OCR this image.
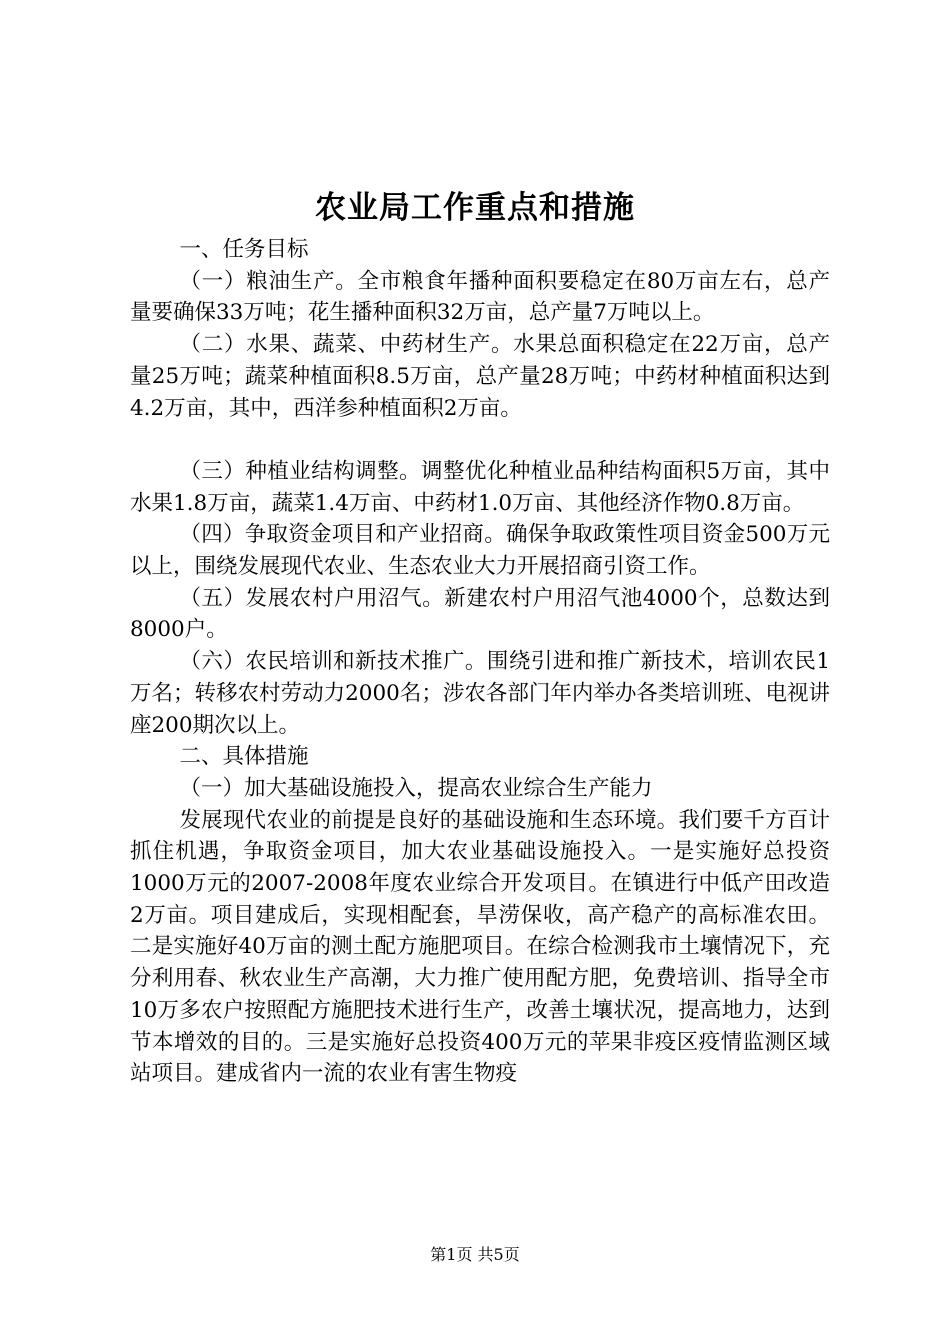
农业局工作重点和措施

一、任务目标

（一）粮油生产。全市粮食年播种面积要稳定在80万亩左右，总产量要确保33万吨；花生播种面积32万亩，总产量7万吨以上。

（二）水果、蔬菜、中药材生产。水果总面积稳定在22万亩，总产量25万吨；蔬菜种植面积8.5万亩，总产量28万吨；中药材种植面积达到4.2万亩，其中，西洋参种植面积2万亩。

（三）种植业结构调整。调整优化种植业品种结构面积5万亩，其中水果1.8万亩，蔬菜1.4万亩、中药材1.0万亩、其他经济作物0.8万亩。

（四）争取资金项目和产业招商。确保争取政策性项目资金500万元以上，围绕发展现代农业、生态农业大力开展招商引资工作。

（五）发展农村户用沼气。新建农村户用沼气池4000个，总数达到8000户。

（六）农民培训和新技术推广。围绕引进和推广新技术，培训农民1万名；转移农村劳动力2000名；涉农各部门年内举办各类培训班、电视讲座200期次以上。

二、具体措施

（一）加大基础设施投入，提高农业综合生产能力

发展现代农业的前提是良好的基础设施和生态环境。我们要千方百计抓住机遇，争取资金项目，加大农业基础设施投入。一是实施好总投资1000万元的2007-2008年度农业综合开发项目。在镇进行中低产田改造2万亩。项目建成后，实现相配套，旱涝保收，高产稳产的高标准农田。二是实施好40万亩的测土配方施肥项目。在综合检测我市土壤情况下，充分利用春、秋农业生产高潮，大力推广使用配方肥，免费培训、指导全市10万多农户按照配方施肥技术进行生产，改善土壤状况，提高地力，达到节本增效的目的。三是实施好总投资400万元的苹果非疫区疫情监测区域站项目。建成省内一流的农业有害生物疫

第1页 共5页
